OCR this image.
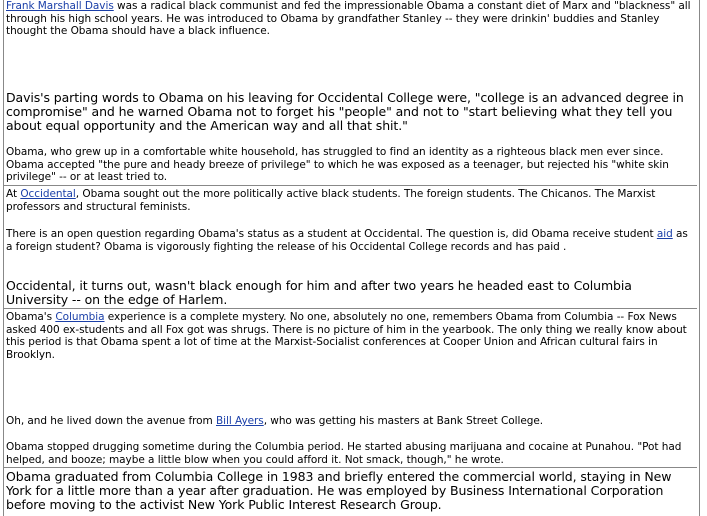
Frank Marshall Davis was a radical black communist and fed the impressionable Obama a constant diet of Marx and "blackness" all through his high school years. He was introduced to Obama by grandfather Stanley -- they were drinkin' buddies and Stanley thought the Obama should have a black influence.

Davis's parting words to Obama on his leaving for Occidental College were, "college is an advanced degree in compromise" and he warned Obama not to forget his "people" and not to "start believing what they tell you about equal opportunity and the American way and all that shit."

Obama, who grew up in a comfortable white household, has struggled to find an identity as a righteous black men ever since. Obama accepted "the pure and heady breeze of privilege" to which he was exposed as a teenager, but rejected his "white skin privilege" -- or at least tried to.

At Occidental, Obama sought out the more politically active black students. The foreign students. The Chicanos. The Marxist professors and structural feminists.

There is an open question regarding Obama's status as a student at Occidental. The question is, did Obama receive student aid as a foreign student? Obama is vigorously fighting the release of his Occidental College records and has paid .

Occidental, it turns out, wasn't black enough for him and after two years he headed east to Columbia University -- on the edge of Harlem.

Obama's Columbia experience is a complete mystery. No one, absolutely no one, remembers Obama from Columbia -- Fox News asked 400 ex-students and all Fox got was shrugs. There is no picture of him in the yearbook. The only thing we really know about this period is that Obama spent a lot of time at the Marxist-Socialist conferences at Cooper Union and African cultural fairs in Brooklyn.

Oh, and he lived down the avenue from Bill Ayers, who was getting his masters at Bank Street College.

Obama stopped drugging sometime during the Columbia period. He started abusing marijuana and cocaine at Punahou. "Pot had helped, and booze; maybe a little blow when you could afford it. Not smack, though," he wrote.

Obama graduated from Columbia College in 1983 and briefly entered the commercial world, staying in New York for a little more than a year after graduation. He was employed by Business International Corporation before moving to the activist New York Public Interest Research Group.
